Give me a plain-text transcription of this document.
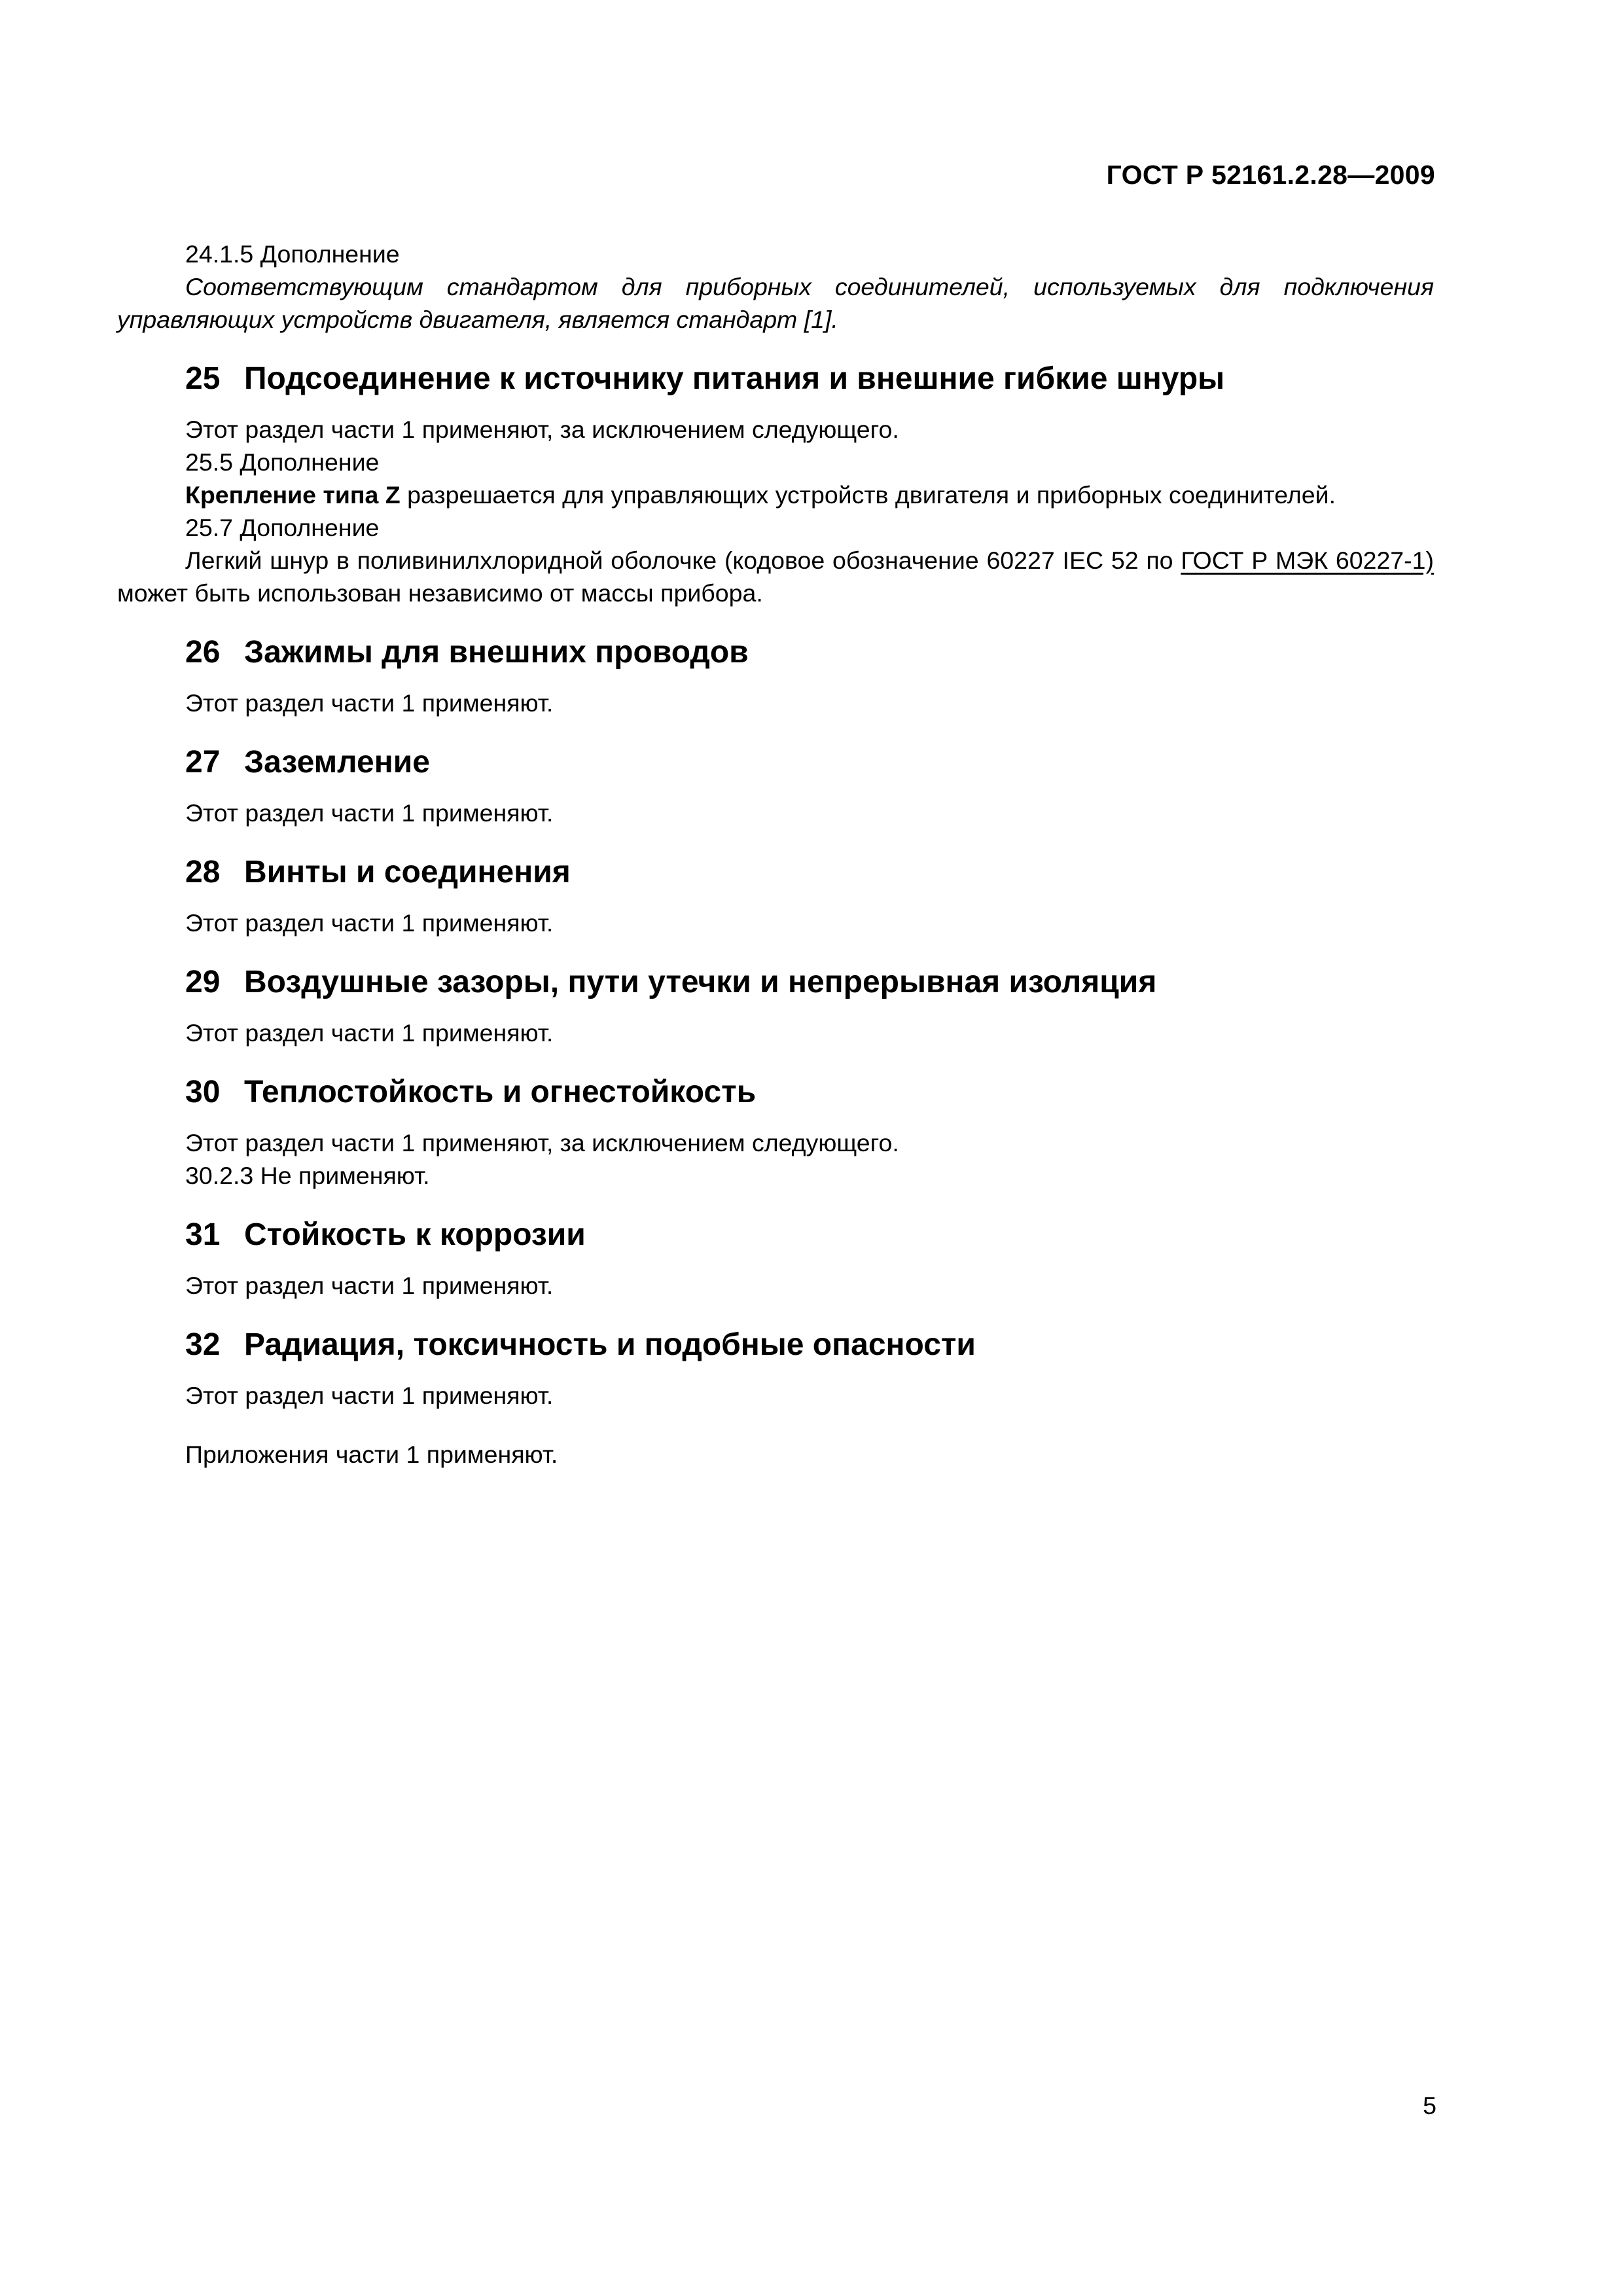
ГОСТ Р 52161.2.28—2009

24.1.5 Дополнение

Соответствующим стандартом для приборных соединителей, используемых для подключения управляющих устройств двигателя, является стандарт [1].

25 Подсоединение к источнику питания и внешние гибкие шнуры

Этот раздел части 1 применяют, за исключением следующего.

25.5 Дополнение

Крепление типа Z разрешается для управляющих устройств двигателя и приборных соединителей.

25.7 Дополнение

Легкий шнур в поливинилхлоридной оболочке (кодовое обозначение 60227 IEC 52 по ГОСТ Р МЭК 60227-1) может быть использован независимо от массы прибора.

26 Зажимы для внешних проводов

Этот раздел части 1 применяют.

27 Заземление

Этот раздел части 1 применяют.

28 Винты и соединения

Этот раздел части 1 применяют.

29 Воздушные зазоры, пути утечки и непрерывная изоляция

Этот раздел части 1 применяют.

30 Теплостойкость и огнестойкость

Этот раздел части 1 применяют, за исключением следующего.

30.2.3 Не применяют.

31 Стойкость к коррозии

Этот раздел части 1 применяют.

32 Радиация, токсичность и подобные опасности

Этот раздел части 1 применяют.

Приложения части 1 применяют.

5
